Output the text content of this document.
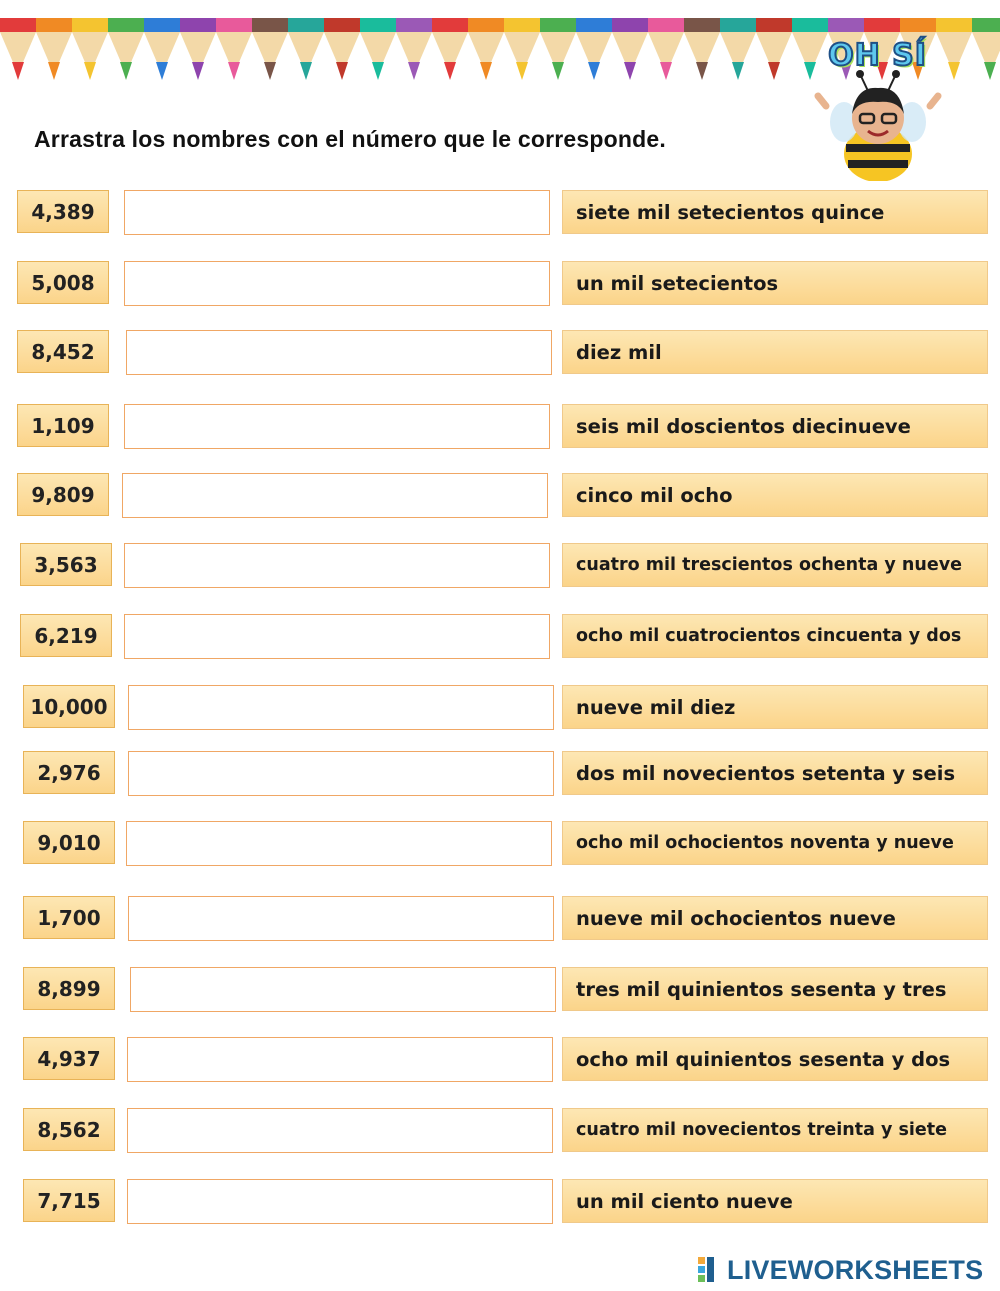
Arrastra los nombres con el número que le corresponde.
OH SÍ
4,389	siete mil setecientos quince
5,008	un mil setecientos
8,452	diez mil
1,109	seis mil doscientos diecinueve
9,809	cinco mil ocho
3,563	cuatro mil trescientos ochenta y nueve
6,219	ocho mil cuatrocientos cincuenta y dos
10,000	nueve mil diez
2,976	dos mil novecientos setenta y seis
9,010	ocho mil ochocientos noventa y nueve
1,700	nueve mil ochocientos nueve
8,899	tres mil quinientos sesenta y tres
4,937	ocho mil quinientos sesenta y dos
8,562	cuatro mil novecientos treinta y siete
7,715	un mil ciento nueve
LIVEWORKSHEETS
